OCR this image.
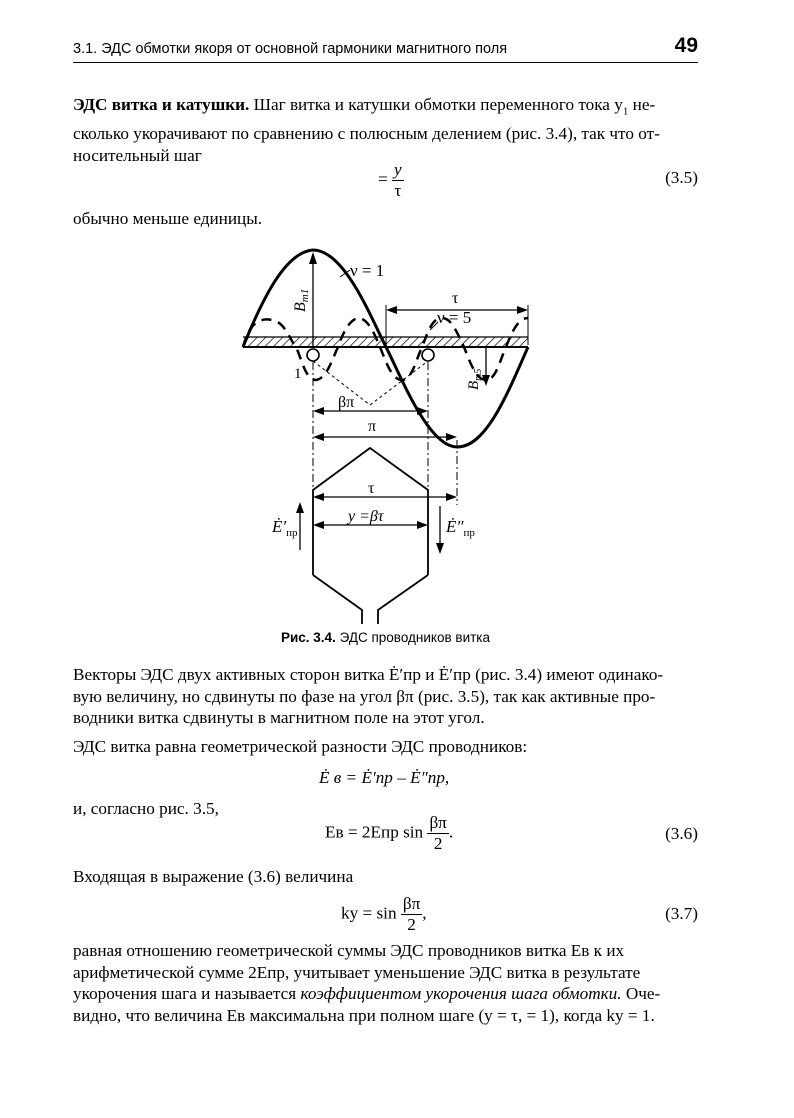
3.1. ЭДС обмотки якоря от основной гармоники магнитного поля	49
ЭДС витка и катушки. Шаг витка и катушки обмотки переменного тока $y_1$ не-
сколько укорачивают по сравнению с полюсным делением (рис. 3.4), так что от-
носительный шаг
= $\frac{y}{\tau}$	(3.5)
обычно меньше единицы.
Bm1
$B_{m5}$
ν = 1
ν = 5
τ
1
βπ
π
τ
y =βτ
$Ė'_{пр}$	$Ė''_{пр}$
Рис. 3.4. ЭДС проводников витка
Векторы ЭДС двух активных сторон витка Ė′пр и Ė′пр (рис. 3.4) имеют одинако-
вую величину, но сдвинуты по фазе на угол βπ (рис. 3.5), так как активные про-
водники витка сдвинуты в магнитном поле на этот угол.
ЭДС витка равна геометрической разности ЭДС проводников:
Ė в = Ė′пр – Ė″пр,
и, согласно рис. 3.5,
Eв = 2Eпр $\sin \frac{\beta\pi}{2}$ .	(3.6)
Входящая в выражение (3.6) величина
kу = $\sin \frac{\beta\pi}{2}$ ,	(3.7)
равная отношению геометрической суммы ЭДС проводников витка Eв к их
арифметической сумме 2Eпр, учитывает уменьшение ЭДС витка в результате
укорочения шага и называется коэффициентом укорочения шага обмотки. Оче-
видно, что величина Eв максимальна при полном шаге (y = τ, = 1), когда kу = 1.
